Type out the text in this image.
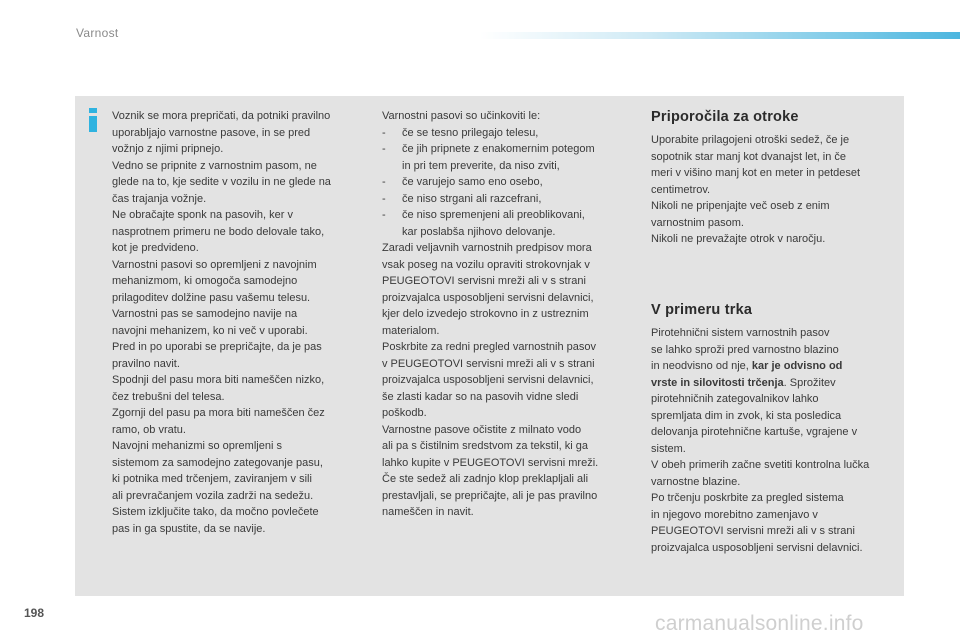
Varnost

Voznik se mora prepričati, da potniki pravilno

uporabljajo varnostne pasove, in se pred

vožnjo z njimi pripnejo.

Vedno se pripnite z varnostnim pasom, ne

glede na to, kje sedite v vozilu in ne glede na

čas trajanja vožnje.

Ne obračajte sponk na pasovih, ker v

nasprotnem primeru ne bodo delovale tako,

kot je predvideno.

Varnostni pasovi so opremljeni z navojnim

mehanizmom, ki omogoča samodejno

prilagoditev dolžine pasu vašemu telesu.

Varnostni pas se samodejno navije na

navojni mehanizem, ko ni več v uporabi.

Pred in po uporabi se prepričajte, da je pas

pravilno navit.

Spodnji del pasu mora biti nameščen nizko,

čez trebušni del telesa.

Zgornji del pasu pa mora biti nameščen čez

ramo, ob vratu.

Navojni mehanizmi so opremljeni s

sistemom za samodejno zategovanje pasu,

ki potnika med trčenjem, zaviranjem v sili

ali prevračanjem vozila zadrži na sedežu.

Sistem izključite tako, da močno povlečete

pas in ga spustite, da se navije.

Varnostni pasovi so učinkoviti le:

- če se tesno prilegajo telesu,
- če jih pripnete z enakomernim potegom
in pri tem preverite, da niso zviti,
- če varujejo samo eno osebo,
- če niso strgani ali razcefrani,
- če niso spremenjeni ali preoblikovani,
kar poslabša njihovo delovanje.

Zaradi veljavnih varnostnih predpisov mora

vsak poseg na vozilu opraviti strokovnjak v

PEUGEOTOVI servisni mreži ali v s strani

proizvajalca usposobljeni servisni delavnici,

kjer delo izvedejo strokovno in z ustreznim

materialom.

Poskrbite za redni pregled varnostnih pasov

v PEUGEOTOVI servisni mreži ali v s strani

proizvajalca usposobljeni servisni delavnici,

še zlasti kadar so na pasovih vidne sledi

poškodb.

Varnostne pasove očistite z milnato vodo

ali pa s čistilnim sredstvom za tekstil, ki ga

lahko kupite v PEUGEOTOVI servisni mreži.

Če ste sedež ali zadnjo klop preklapljali ali

prestavljali, se prepričajte, ali je pas pravilno

nameščen in navit.

Priporočila za otroke

Uporabite prilagojeni otroški sedež, če je

sopotnik star manj kot dvanajst let, in če

meri v višino manj kot en meter in petdeset

centimetrov.

Nikoli ne pripenjajte več oseb z enim

varnostnim pasom.

Nikoli ne prevažajte otrok v naročju.

V primeru trka

Pirotehnični sistem varnostnih pasov

se lahko sproži pred varnostno blazino

in neodvisno od nje, kar je odvisno od

vrste in silovitosti trčenja. Sprožitev

pirotehničnih zategovalnikov lahko

spremljata dim in zvok, ki sta posledica

delovanja pirotehnične kartuše, vgrajene v

sistem.

V obeh primerih začne svetiti kontrolna lučka

varnostne blazine.

Po trčenju poskrbite za pregled sistema

in njegovo morebitno zamenjavo v

PEUGEOTOVI servisni mreži ali v s strani

proizvajalca usposobljeni servisni delavnici.

198	carmanualsonline.info
